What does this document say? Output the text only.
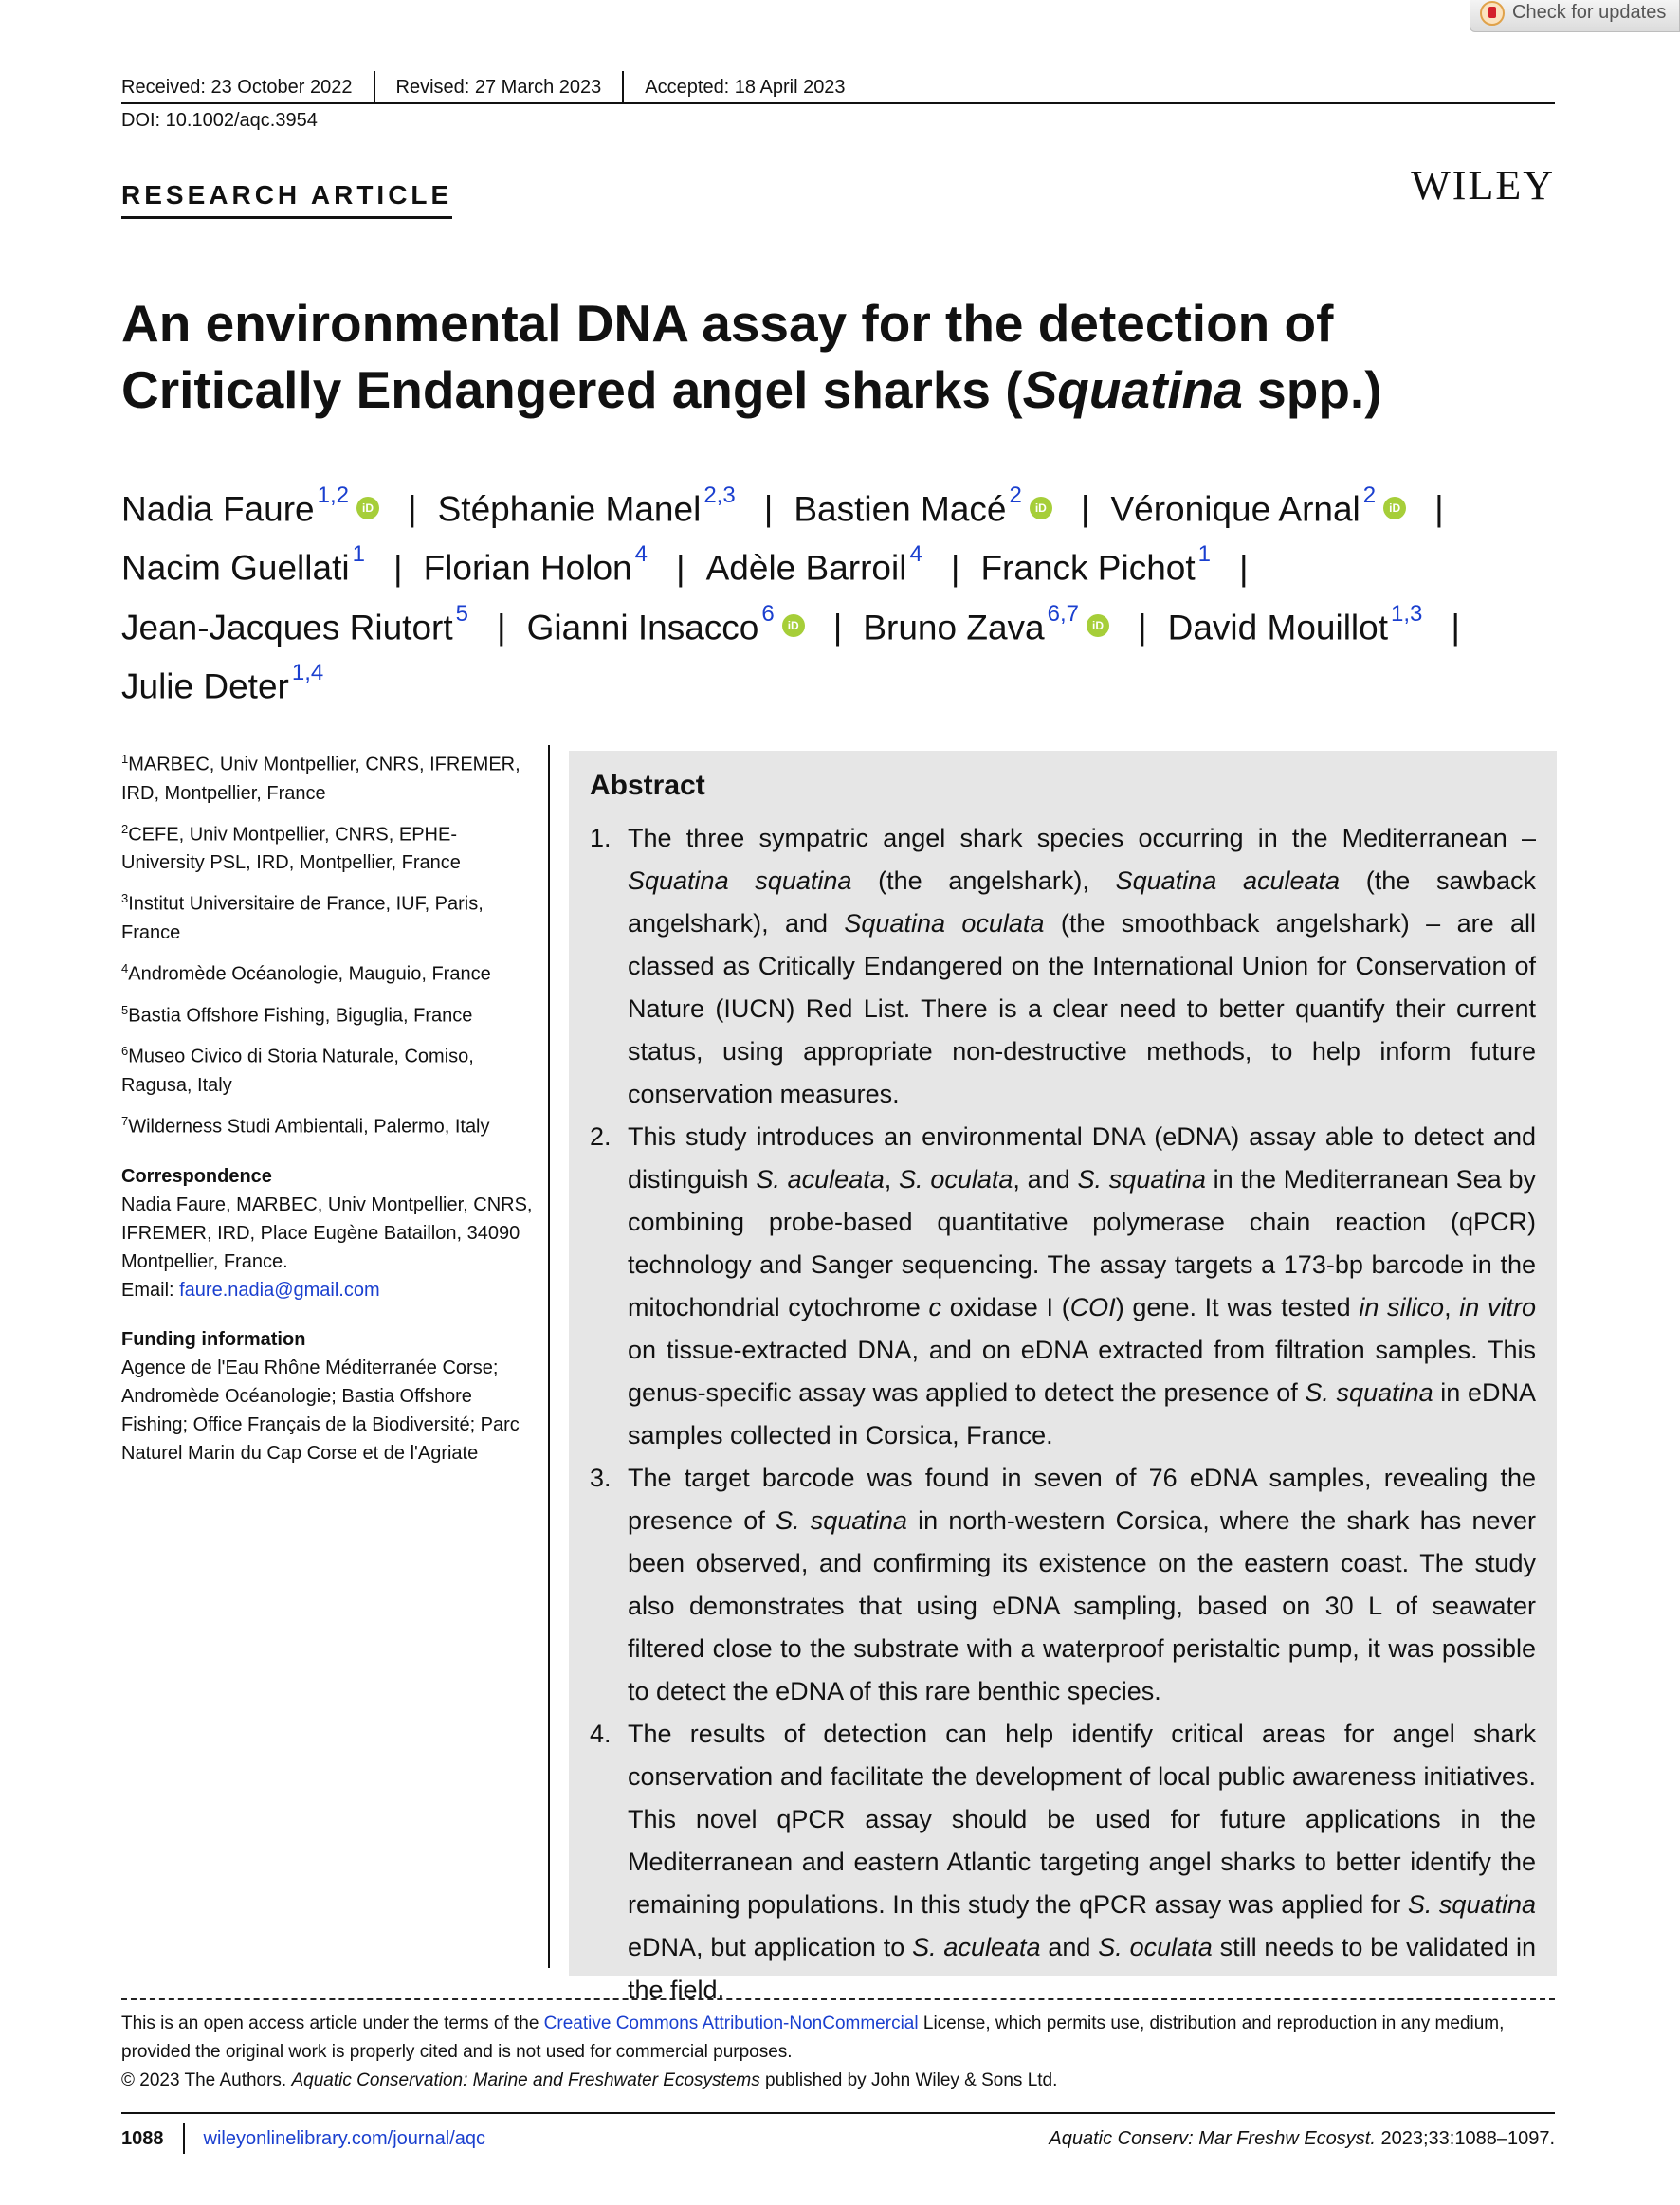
Check for updates
Received: 23 October 2022	Revised: 27 March 2023	Accepted: 18 April 2023
DOI: 10.1002/aqc.3954
RESEARCH ARTICLE	WILEY
An environmental DNA assay for the detection of Critically Endangered angel sharks (Squatina spp.)
Nadia Faure $^{1,2}$ iD | Stéphanie Manel $^{2,3}$ | Bastien Macé $^2$ iD | Véronique Arnal $^2$ iD |Nacim Guellati $^1$ | Florian Holon $^4$ | Adèle Barroil $^4$ | Franck Pichot $^1$ |Jean-Jacques Riutort $^5$ | Gianni Insacco $^6$ iD | Bruno Zava $^{6,7}$ iD | David Mouillot $^{1,3}$ |Julie Deter $^{1,4}$
$^1$MARBEC, Univ Montpellier, CNRS, IFREMER, IRD, Montpellier, France
$^2$CEFE, Univ Montpellier, CNRS, EPHE-University PSL, IRD, Montpellier, France
$^3$Institut Universitaire de France, IUF, Paris, France
$^4$Andromède Océanologie, Mauguio, France
$^5$Bastia Offshore Fishing, Biguglia, France
$^6$Museo Civico di Storia Naturale, Comiso, Ragusa, Italy
$^7$Wilderness Studi Ambientali, Palermo, Italy
Correspondence
Nadia Faure, MARBEC, Univ Montpellier, CNRS, IFREMER, IRD, Place Eugène Bataillon, 34090 Montpellier, France.
Email: faure.nadia@gmail.com
Funding information
Agence de l'Eau Rhône Méditerranée Corse; Andromède Océanologie; Bastia Offshore Fishing; Office Français de la Biodiversité; Parc Naturel Marin du Cap Corse et de l'Agriate
Abstract
1. The three sympatric angel shark species occurring in the Mediterranean – Squatina squatina (the angelshark), Squatina aculeata (the sawback angelshark), and Squatina oculata (the smoothback angelshark) – are all classed as Critically Endangered on the International Union for Conservation of Nature (IUCN) Red List. There is a clear need to better quantify their current status, using appropriate non-destructive methods, to help inform future conservation measures.
2. This study introduces an environmental DNA (eDNA) assay able to detect and distinguish S. aculeata, S. oculata, and S. squatina in the Mediterranean Sea by combining probe-based quantitative polymerase chain reaction (qPCR) technology and Sanger sequencing. The assay targets a 173-bp barcode in the mitochondrial cytochrome c oxidase I (COI) gene. It was tested in silico, in vitro on tissue-extracted DNA, and on eDNA extracted from filtration samples. This genus-specific assay was applied to detect the presence of S. squatina in eDNA samples collected in Corsica, France.
3. The target barcode was found in seven of 76 eDNA samples, revealing the presence of S. squatina in north-western Corsica, where the shark has never been observed, and confirming its existence on the eastern coast. The study also demonstrates that using eDNA sampling, based on 30 L of seawater filtered close to the substrate with a waterproof peristaltic pump, it was possible to detect the eDNA of this rare benthic species.
4. The results of detection can help identify critical areas for angel shark conservation and facilitate the development of local public awareness initiatives. This novel qPCR assay should be used for future applications in the Mediterranean and eastern Atlantic targeting angel sharks to better identify the remaining populations. In this study the qPCR assay was applied for S. squatina eDNA, but application to S. aculeata and S. oculata still needs to be validated in the field.
This is an open access article under the terms of the Creative Commons Attribution-NonCommercial License, which permits use, distribution and reproduction in any medium, provided the original work is properly cited and is not used for commercial purposes.
© 2023 The Authors. Aquatic Conservation: Marine and Freshwater Ecosystems published by John Wiley & Sons Ltd.
1088	wileyonlinelibrary.com/journal/aqc	Aquatic Conserv: Mar Freshw Ecosyst. 2023;33:1088–1097.
